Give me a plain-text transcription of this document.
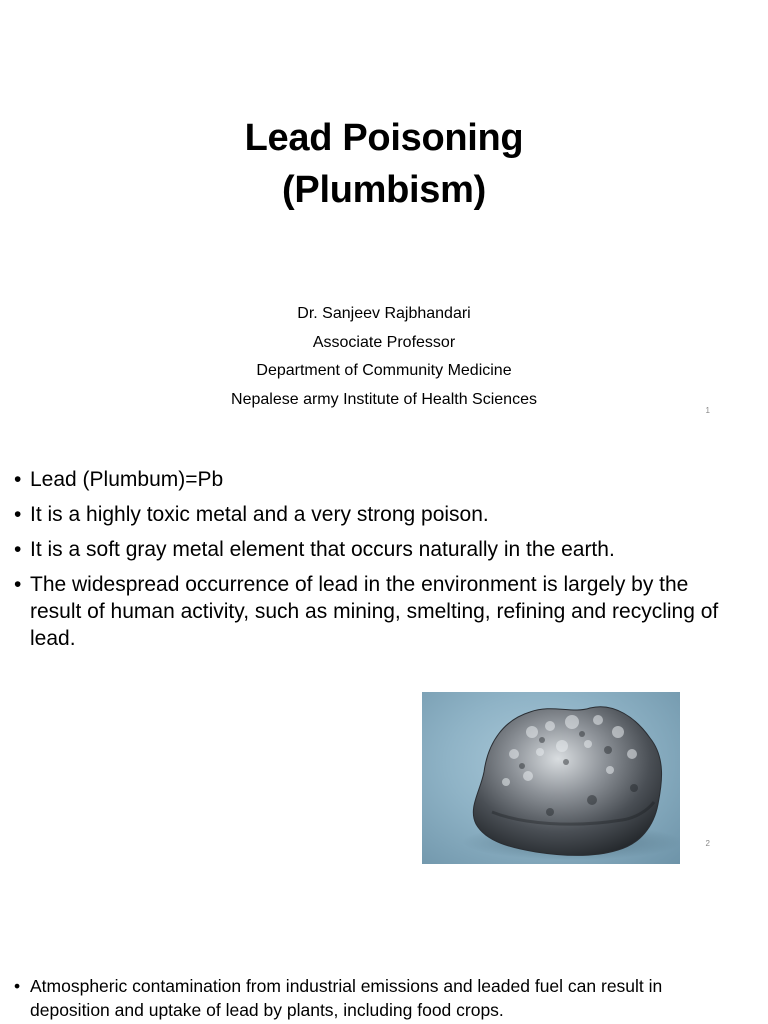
Lead Poisoning
(Plumbism)
Dr. Sanjeev Rajbhandari
Associate Professor
Department of Community Medicine
Nepalese army Institute of Health Sciences
1
• Lead (Plumbum)=Pb
• It is a highly toxic metal and a very strong poison.
• It is a soft gray metal element that occurs naturally in the earth.
• The widespread occurrence of lead in the environment is largely by the result of human activity, such as mining, smelting, refining and recycling of lead.
2
• Atmospheric contamination from industrial emissions and leaded fuel can result in deposition and uptake of lead by plants, including food crops.
